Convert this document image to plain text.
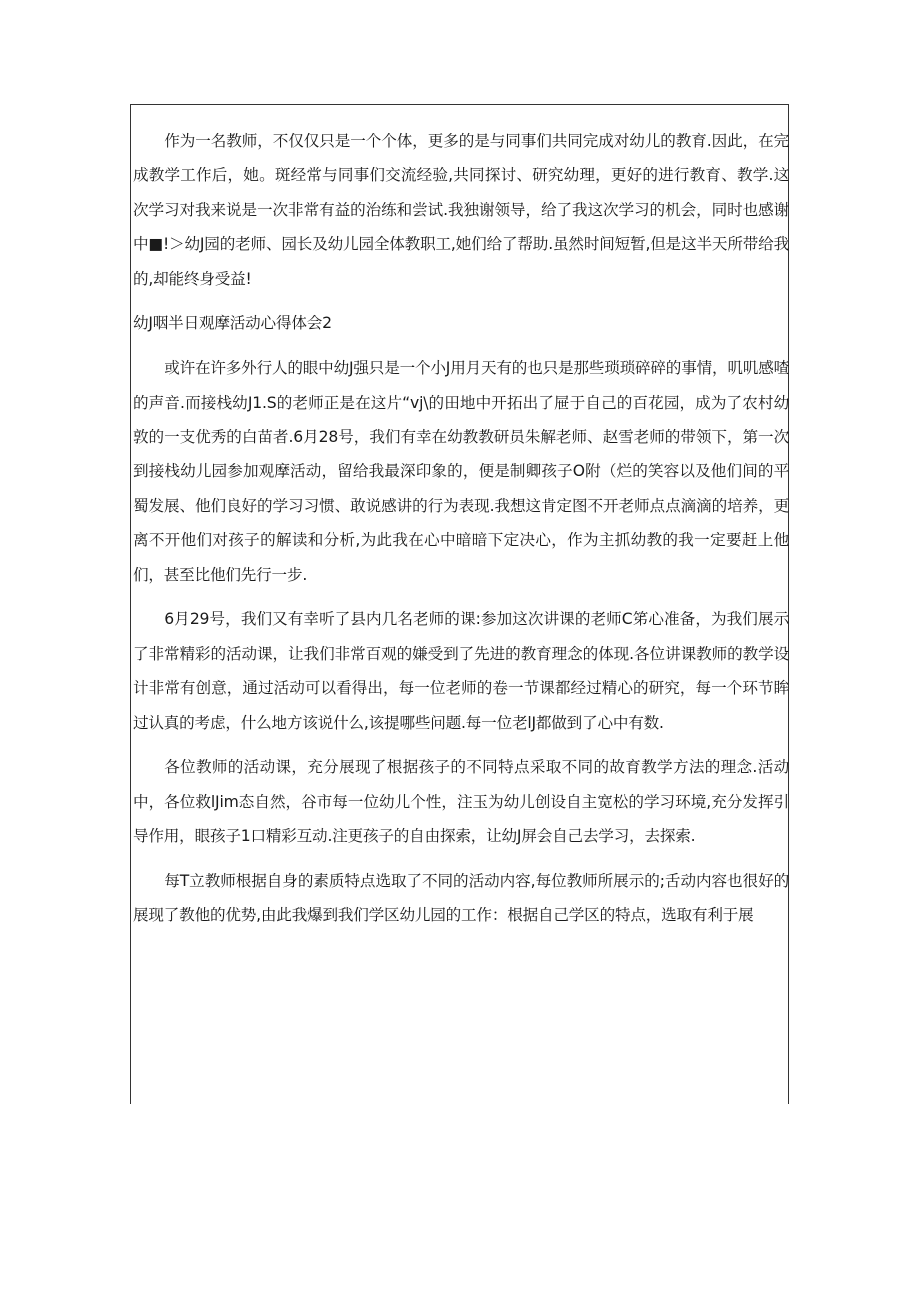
作为一名教师，不仅仅只是一个个体，更多的是与同事们共同完成对幼儿的教育.因此，在完成教学工作后，她。斑经常与同事们交流经验,共同探讨、研究幼理，更好的进行教育、教学.这次学习对我来说是一次非常有益的治练和尝试.我独谢领导，给了我这次学习的机会，同时也感谢中■!＞幼J园的老师、园长及幼儿园全体教职工,她们给了帮助.虽然时间短暂,但是这半天所带给我的,却能终身受益!

幼J咽半日观摩活动心得体会2

或许在许多外行人的眼中幼J强只是一个小J用月天有的也只是那些琐琐碎碎的事情，叽叽感喳的声音.而接栈幼J1.S的老师正是在这片“vj\的田地中开拓出了屉于自己的百花园，成为了农村幼敦的一支优秀的白苗者.6月28号，我们有幸在幼教教研员朱解老师、赵雪老师的带领下，第一次到接栈幼儿园参加观摩活动，留给我最深印象的，便是制卿孩子O附（烂的笑容以及他们间的平蜀发展、他们良好的学习习惯、敢说感讲的行为表现.我想这肯定图不开老师点点滴滴的培养，更离不开他们对孩子的解读和分析,为此我在心中暗暗下定决心，作为主抓幼教的我一定要赶上他们，甚至比他们先行一步.

6月29号，我们又有幸听了县内几名老师的课:参加这次讲课的老师C笫心准备，为我们展示了非常精彩的活动课，让我们非常百观的嫌受到了先进的教育理念的体现.各位讲课教师的教学设计非常有创意，通过活动可以看得出，每一位老师的卷一节课都经过精心的研究，每一个环节眸过认真的考虑，什么地方该说什么,该提哪些问题.每一位老lJ都做到了心中有数.

各位教师的活动课，充分展现了根据孩子的不同特点采取不同的故育教学方法的理念.活动中，各位救lJim态自然，谷市每一位幼儿个性，注玉为幼儿创设自主宽松的学习环境,充分发挥引导作用，眼孩子1口精彩互动.注更孩子的自由探索，让幼J屏会自己去学习，去探索.

每T立教师根据自身的素质特点选取了不同的活动内容,每位教师所展示的;舌动内容也很好的展现了教他的优势,由此我爆到我们学区幼儿园的工作：根据自己学区的特点，选取有利于展
